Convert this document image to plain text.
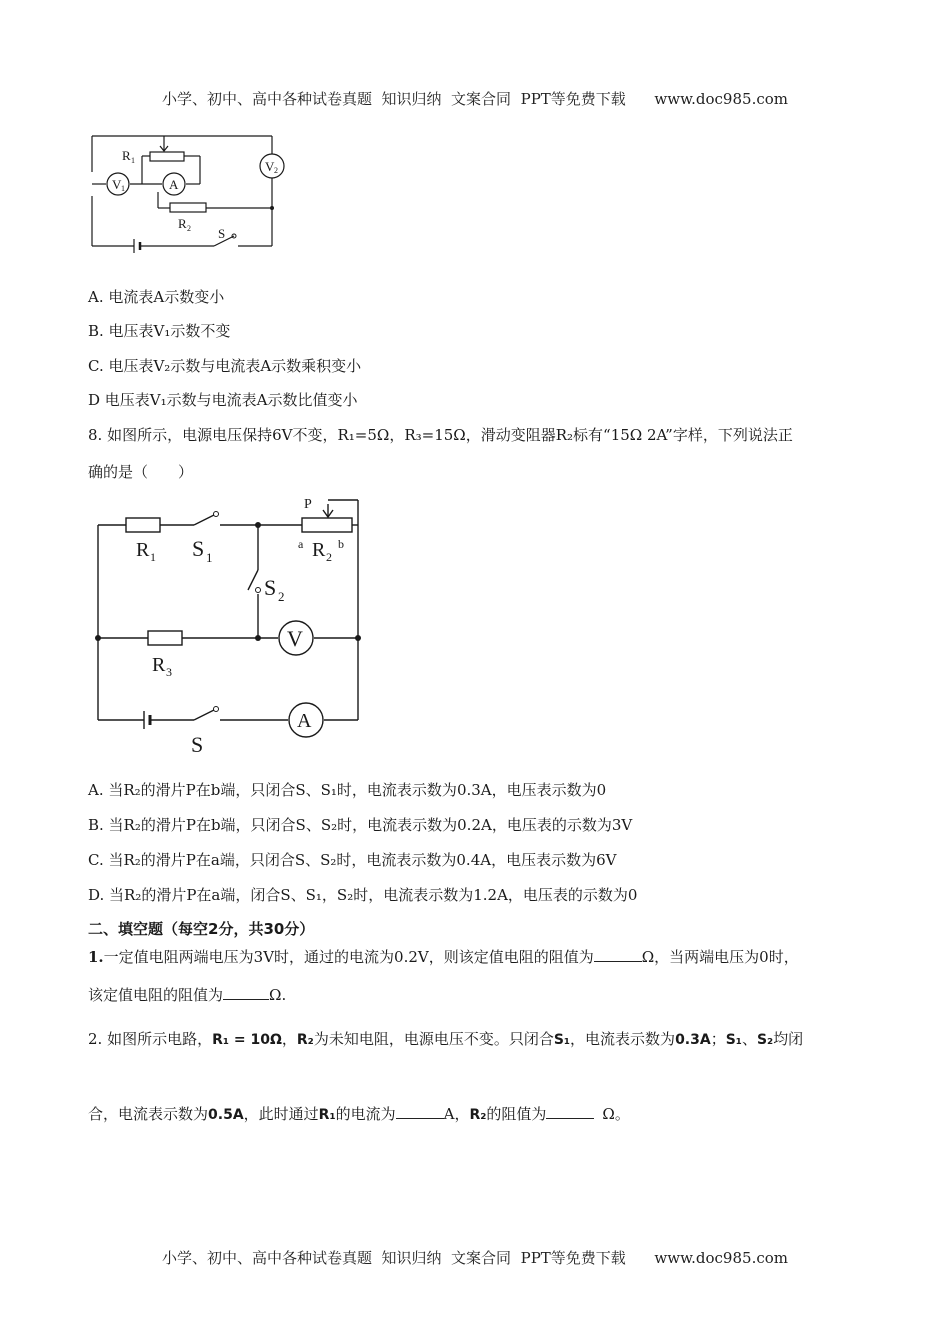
小学、初中、高中各种试卷真题  知识归纳  文案合同  PPT等免费下载      www.doc985.com
V 1	A
V 2
R 1
R 2 S
A. 电流表A示数变小
B. 电压表V₁示数不变
C. 电压表V₂示数与电流表A示数乘积变小
D 电压表V₁示数与电流表A示数比值变小
8. 如图所示，电源电压保持6V不变，R₁=5Ω，R₃=15Ω，滑动变阻器R₂标有“15Ω 2A”字样，下列说法正
确的是（　　）
V
A
R 1 S 1
P
a R 2
b
S 2
R 3
S
A. 当R₂的滑片P在b端，只闭合S、S₁时，电流表示数为0.3A，电压表示数为0
B. 当R₂的滑片P在b端，只闭合S、S₂时，电流表示数为0.2A，电压表的示数为3V
C. 当R₂的滑片P在a端，只闭合S、S₂时，电流表示数为0.4A，电压表示数为6V
D. 当R₂的滑片P在a端，闭合S、S₁，S₂时，电流表示数为1.2A，电压表的示数为0
二、填空题（每空2分，共30分）
1.一定值电阻两端电压为3V时，通过的电流为0.2V，则该定值电阻的阻值为	Ω，当两端电压为0时，
该定值电阻的阻值为	Ω.
2. 如图所示电路，R₁ = 10Ω，R₂为未知电阻，电源电压不变。只闭合S₁，电流表示数为0.3A；S₁、S₂均闭
合，电流表示数为0.5A，此时通过R₁的电流为	A，R₂的阻值为	Ω。
小学、初中、高中各种试卷真题  知识归纳  文案合同  PPT等免费下载      www.doc985.com
